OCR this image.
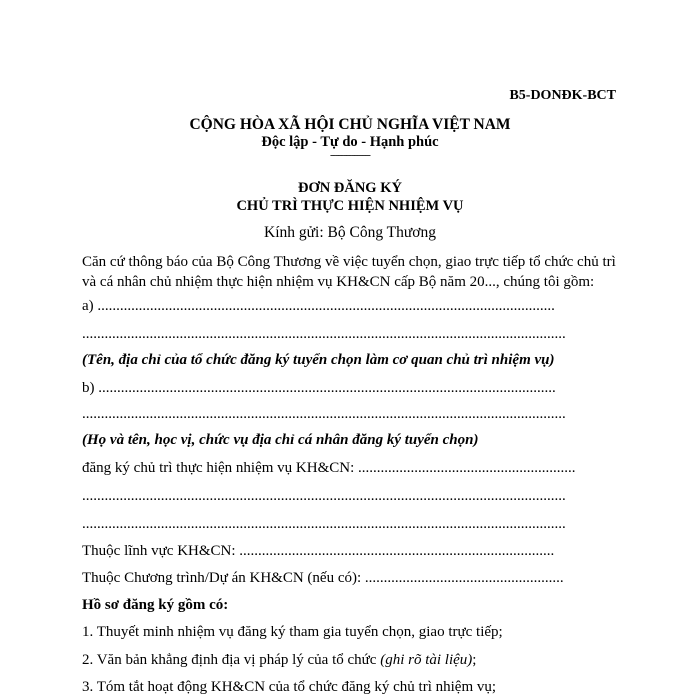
B5-DONĐK-BCT
CỘNG HÒA XÃ HỘI CHỦ NGHĨA VIỆT NAM
Độc lập - Tự do - Hạnh phúc
---------------
ĐƠN ĐĂNG KÝ
CHỦ TRÌ THỰC HIỆN NHIỆM VỤ
Kính gửi: Bộ Công Thương

Căn cứ thông báo của Bộ Công Thương về việc tuyển chọn, giao trực tiếp tổ chức chủ trì và cá nhân chủ nhiệm thực hiện nhiệm vụ KH&CN cấp Bộ năm 20..., chúng tôi gồm:

a) ..........................................................................................................................

.................................................................................................................................

(Tên, địa chỉ của tổ chức đăng ký tuyển chọn làm cơ quan chủ trì nhiệm vụ)

b) ..........................................................................................................................

.................................................................................................................................

(Họ và tên, học vị, chức vụ địa chỉ cá nhân đăng ký tuyển chọn)

đăng ký chủ trì thực hiện nhiệm vụ KH&CN: ..........................................................

.................................................................................................................................

.................................................................................................................................

Thuộc lĩnh vực KH&CN: ....................................................................................

Thuộc Chương trình/Dự án KH&CN (nếu có): .....................................................

Hồ sơ đăng ký gồm có:

1. Thuyết minh nhiệm vụ đăng ký tham gia tuyển chọn, giao trực tiếp;

2. Văn bản khẳng định địa vị pháp lý của tổ chức (ghi rõ tài liệu);

3. Tóm tắt hoạt động KH&CN của tổ chức đăng ký chủ trì nhiệm vụ;
